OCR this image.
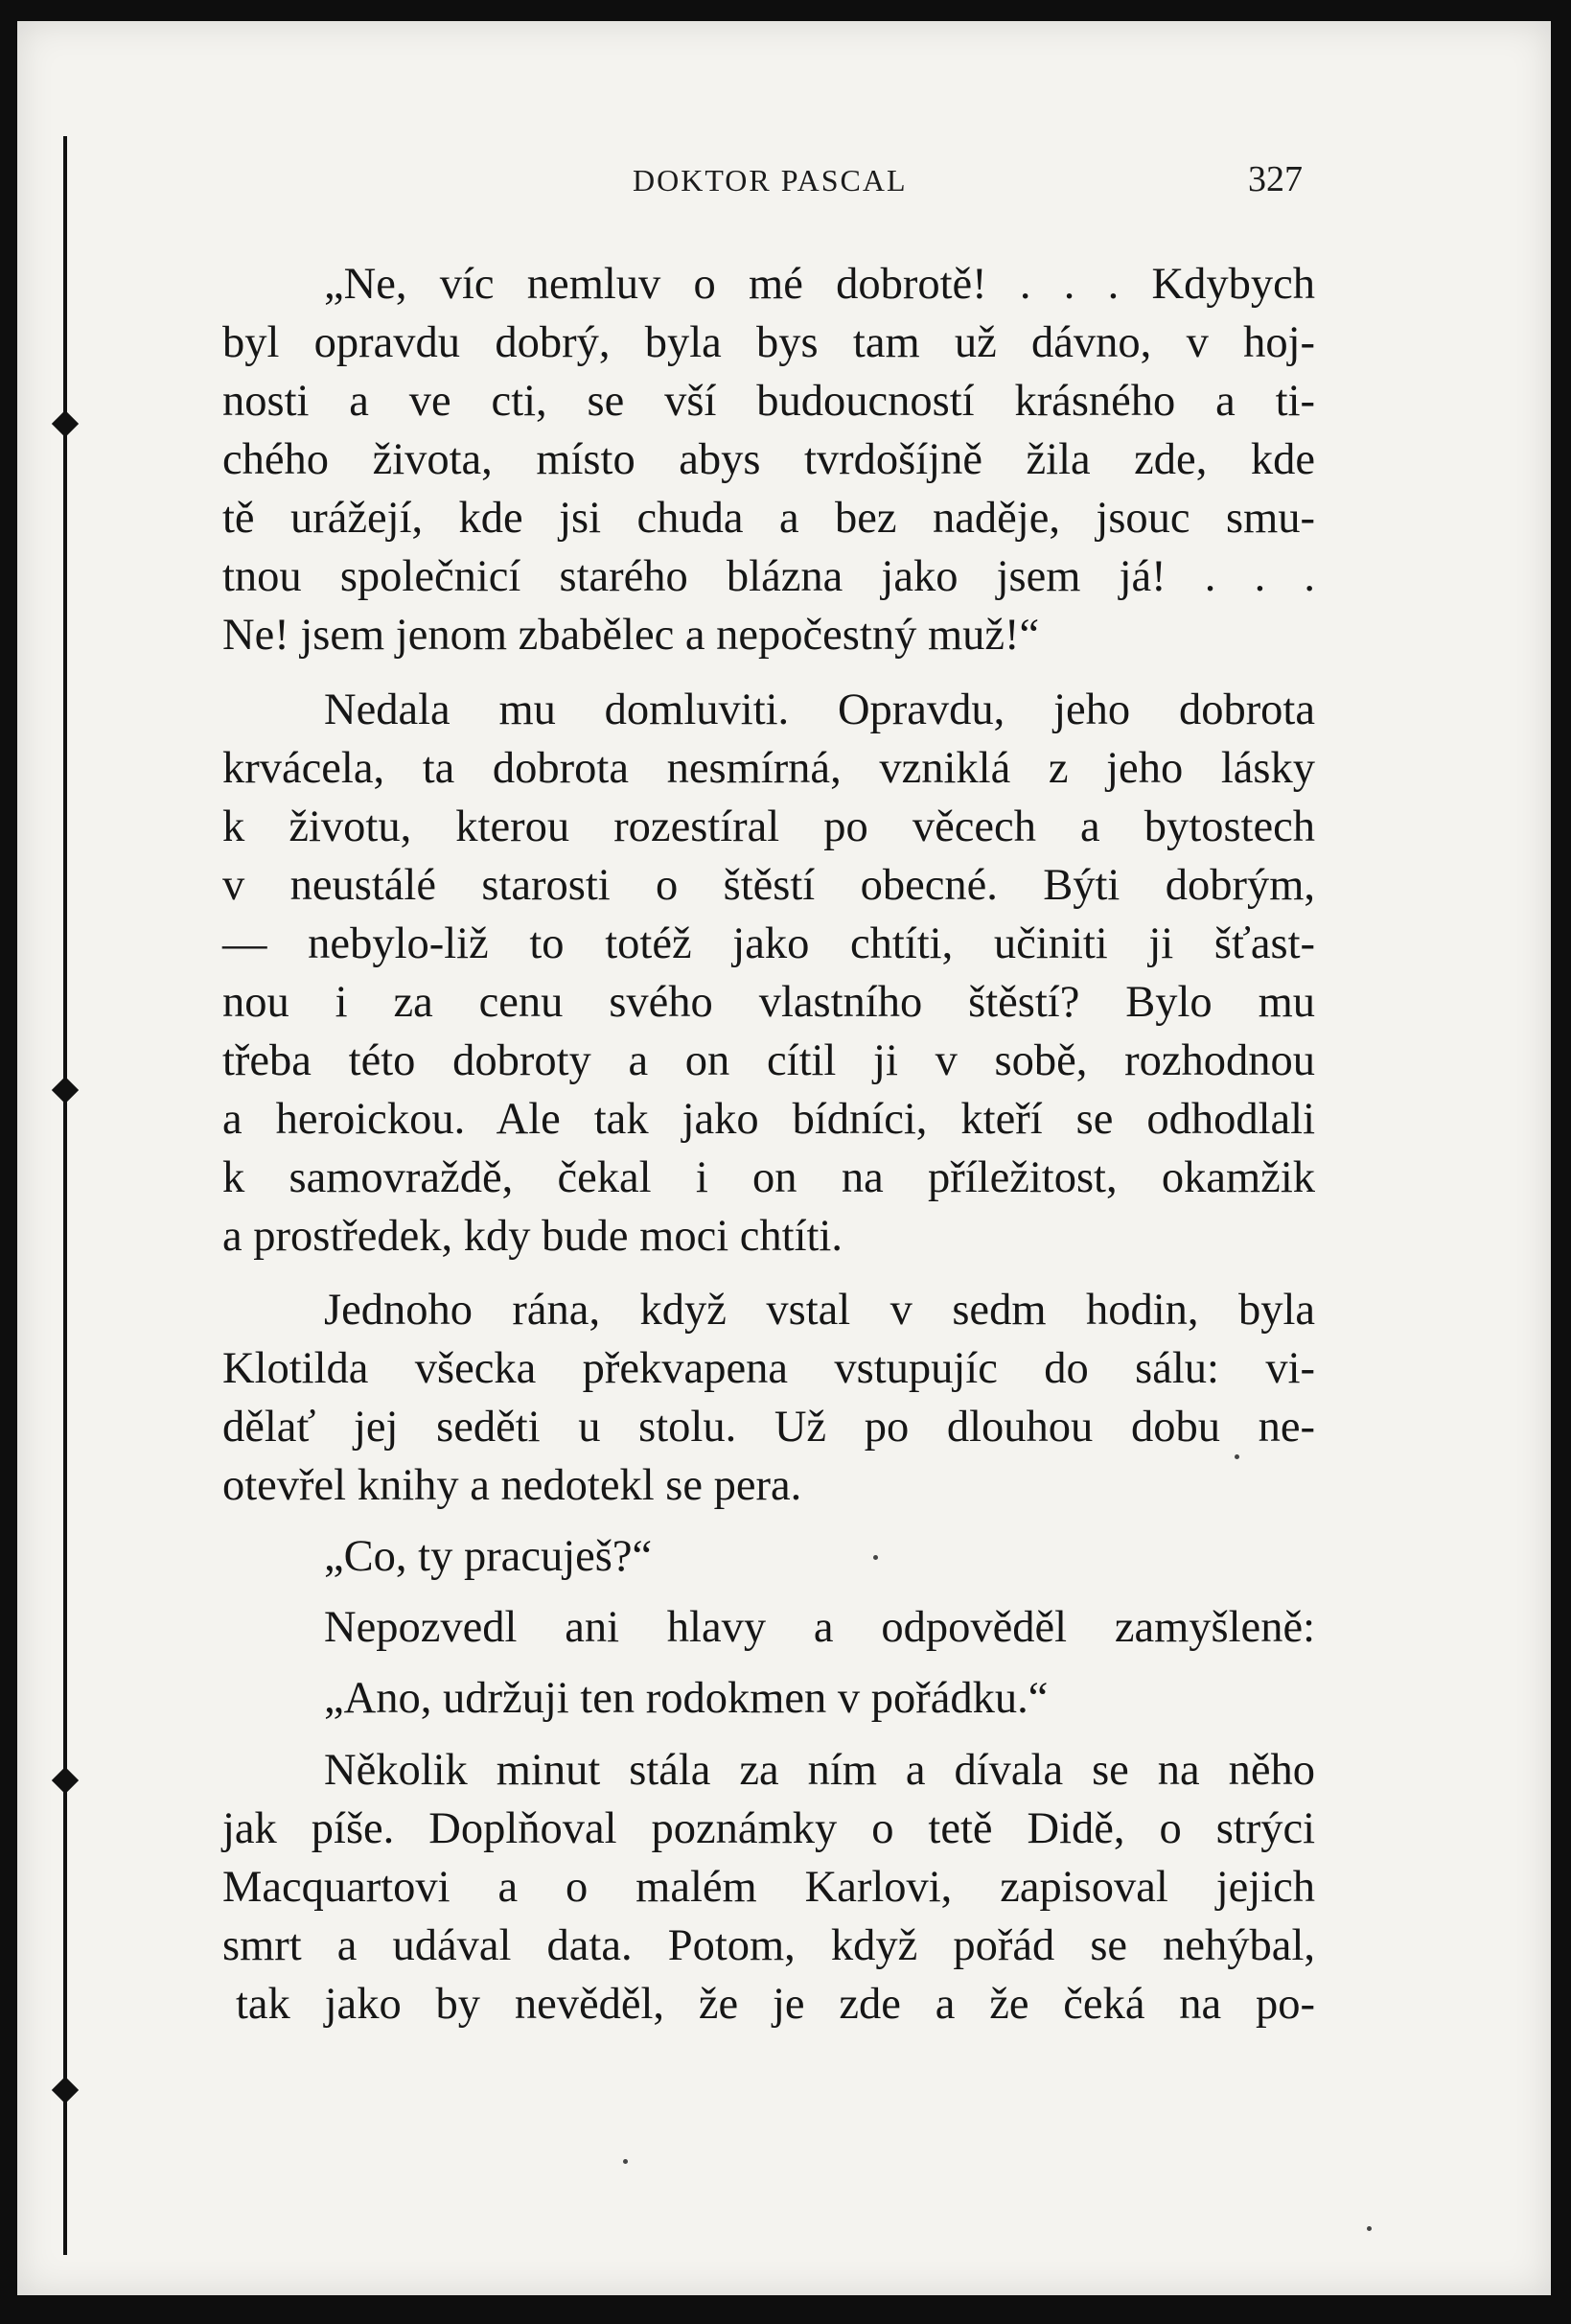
DOKTOR PASCAL	327
„Ne, víc nemluv o mé dobrotě! . . . Kdybych
byl opravdu dobrý, byla bys tam už dávno, v hoj-
nosti a ve cti, se vší budoucností krásného a ti-
chého života, místo abys tvrdošíjně žila zde, kde
tě urážejí, kde jsi chuda a bez naděje, jsouc smu-
tnou společnicí starého blázna jako jsem já! . . .
Ne! jsem jenom zbabělec a nepočestný muž!“
Nedala mu domluviti. Opravdu, jeho dobrota
krvácela, ta dobrota nesmírná, vzniklá z jeho lásky
k životu, kterou rozestíral po věcech a bytostech
v neustálé starosti o štěstí obecné. Býti dobrým,
— nebylo-liž to totéž jako chtíti, učiniti ji šťast-
nou i za cenu svého vlastního štěstí? Bylo mu
třeba této dobroty a on cítil ji v sobě, rozhodnou
a heroickou. Ale tak jako bídníci, kteří se odhodlali
k samovraždě, čekal i on na příležitost, okamžik
a prostředek, kdy bude moci chtíti.
Jednoho rána, když vstal v sedm hodin, byla
Klotilda všecka překvapena vstupujíc do sálu: vi-
dělať jej seděti u stolu. Už po dlouhou dobu ne-
otevřel knihy a nedotekl se pera.
„Co, ty pracuješ?“
Nepozvedl ani hlavy a odpověděl zamyšleně:
„Ano, udržuji ten rodokmen v pořádku.“
Několik minut stála za ním a dívala se na něho
jak píše. Doplňoval poznámky o tetě Didě, o strýci
Macquartovi a o malém Karlovi, zapisoval jejich
smrt a udával data. Potom, když pořád se nehýbal,
tak jako by nevěděl, že je zde a že čeká na po-
